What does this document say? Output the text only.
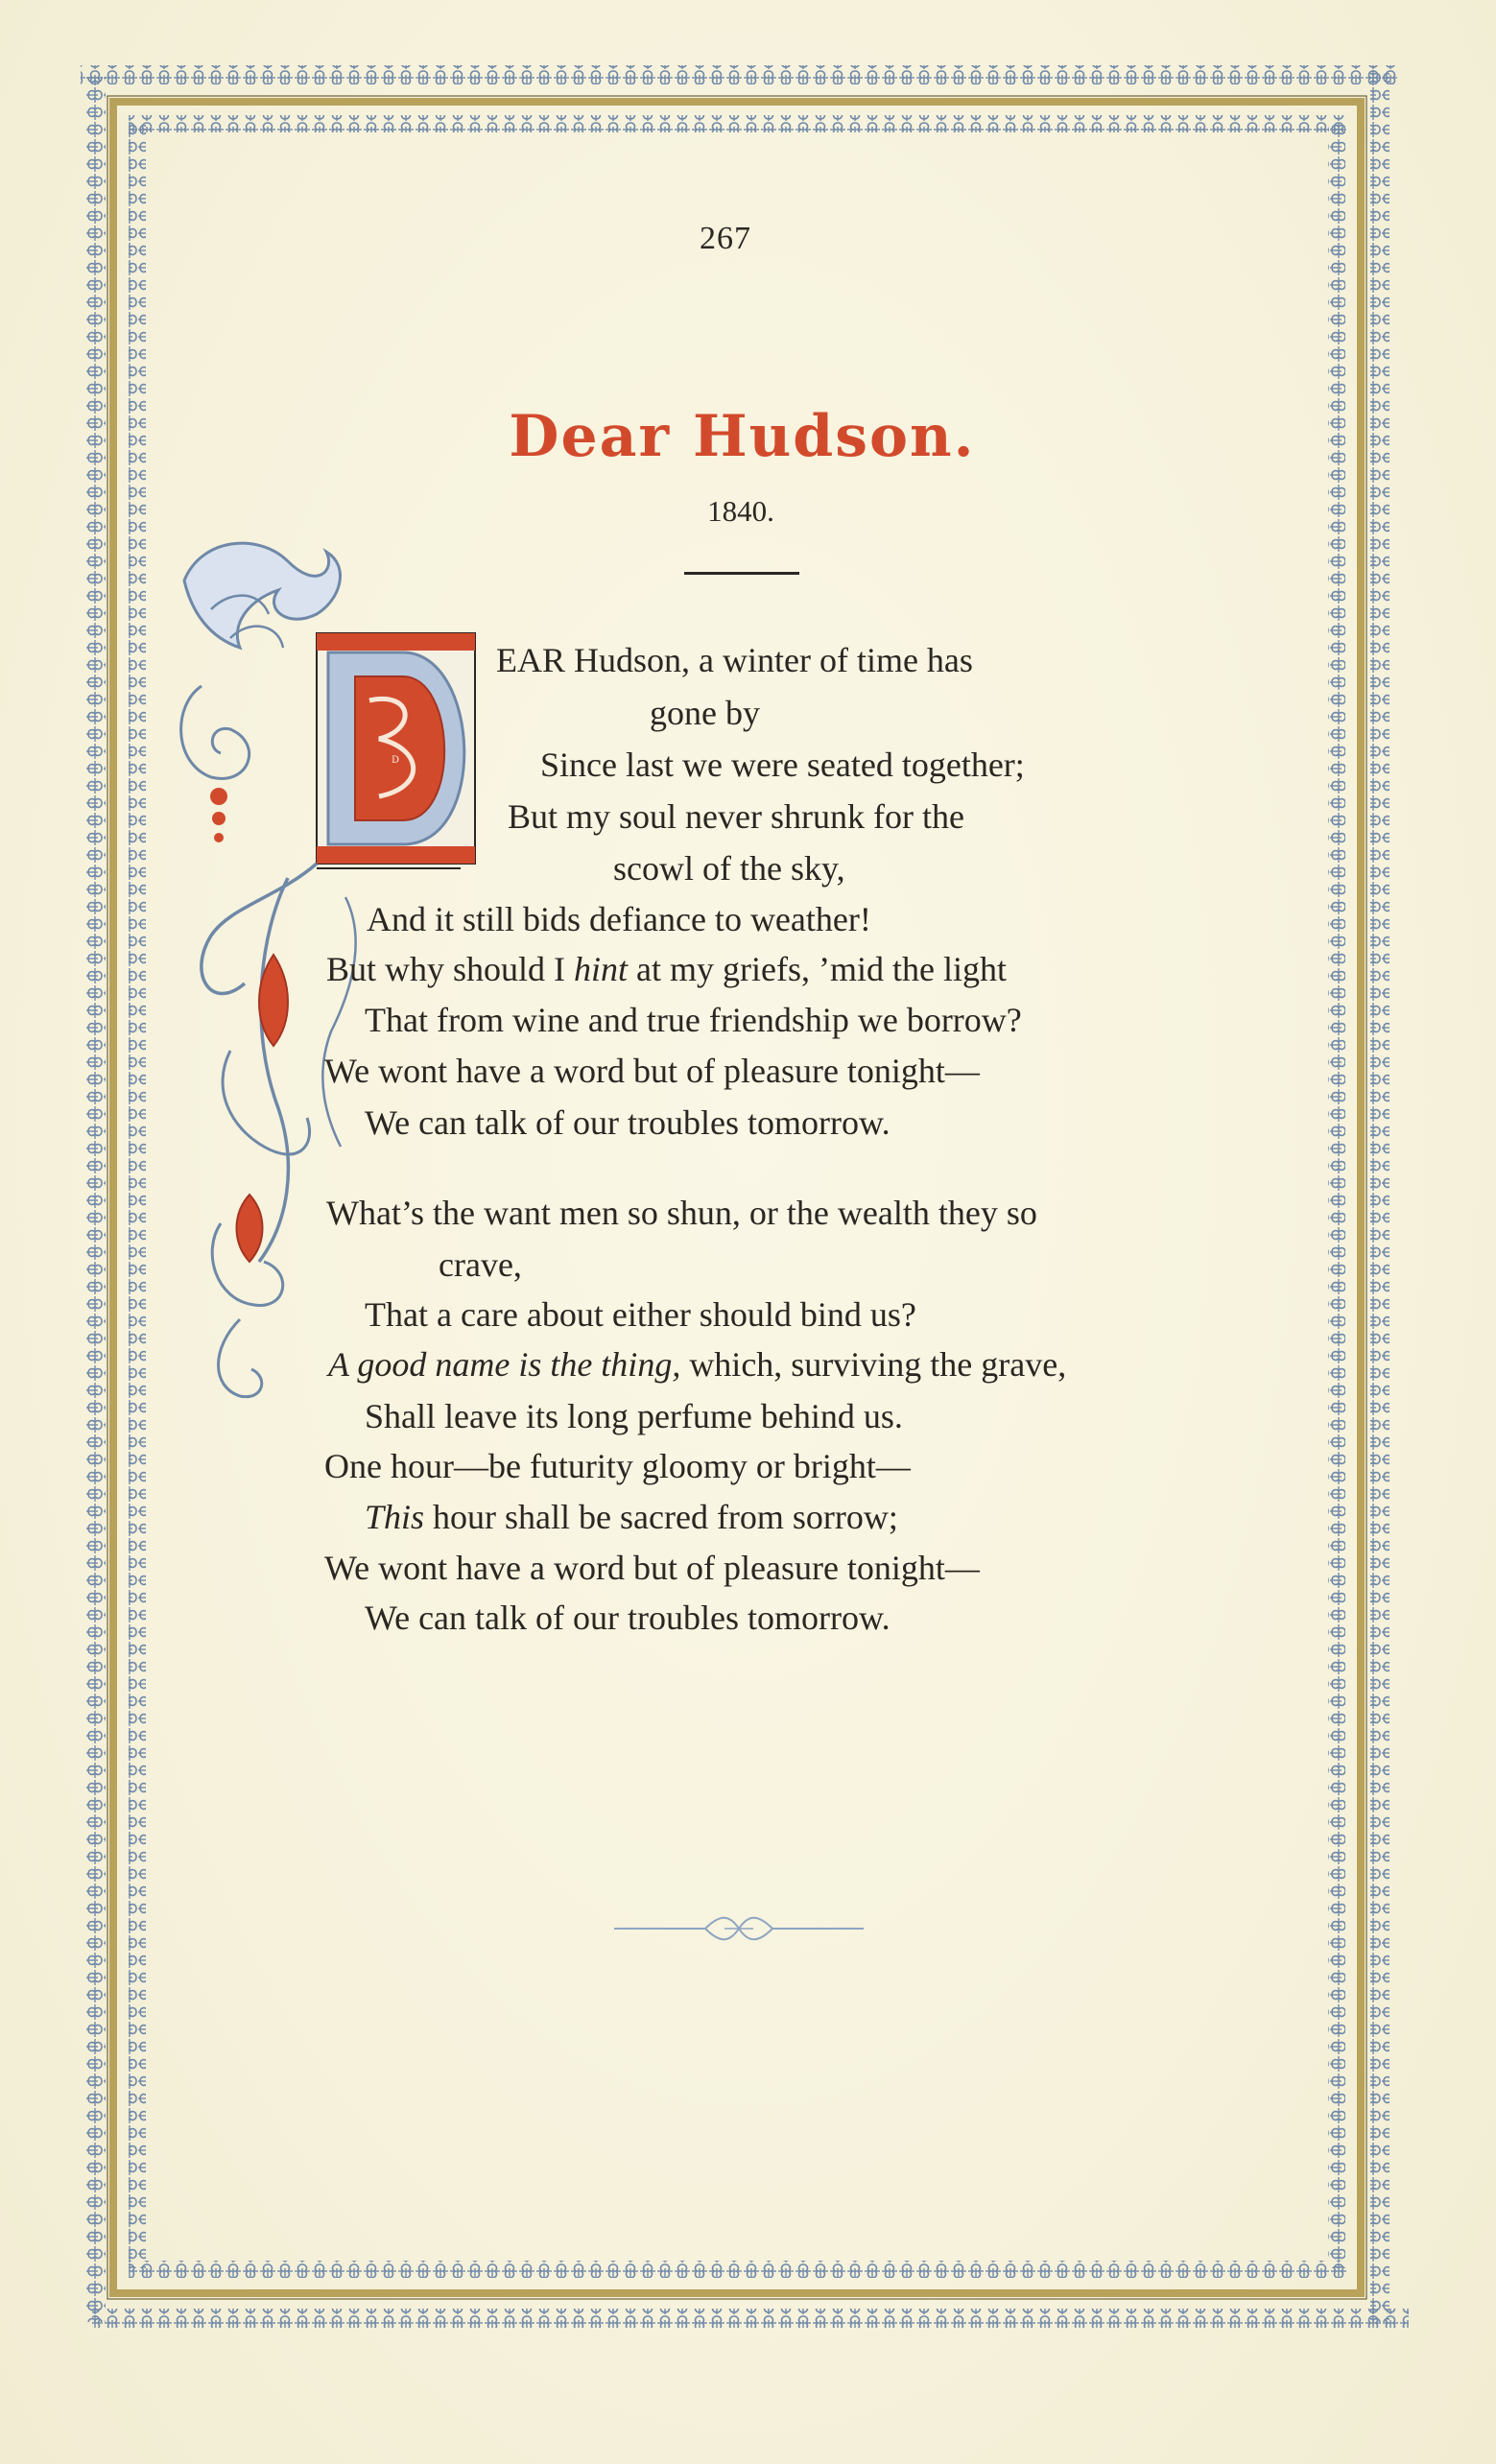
267
Dear Hudson.
1840.
D
EAR Hudson, a winter of time has
gone by
Since last we were seated together;
But my soul never shrunk for the
scowl of the sky,
And it still bids defiance to weather!
But why should I hint at my griefs, ’mid the light
That from wine and true friendship we borrow?
We wont have a word but of pleasure tonight—
We can talk of our troubles tomorrow.
What’s the want men so shun, or the wealth they so
crave,
That a care about either should bind us?
A good name is the thing, which, surviving the grave,
Shall leave its long perfume behind us.
One hour—be futurity gloomy or bright—
This hour shall be sacred from sorrow;
We wont have a word but of pleasure tonight—
We can talk of our troubles tomorrow.
